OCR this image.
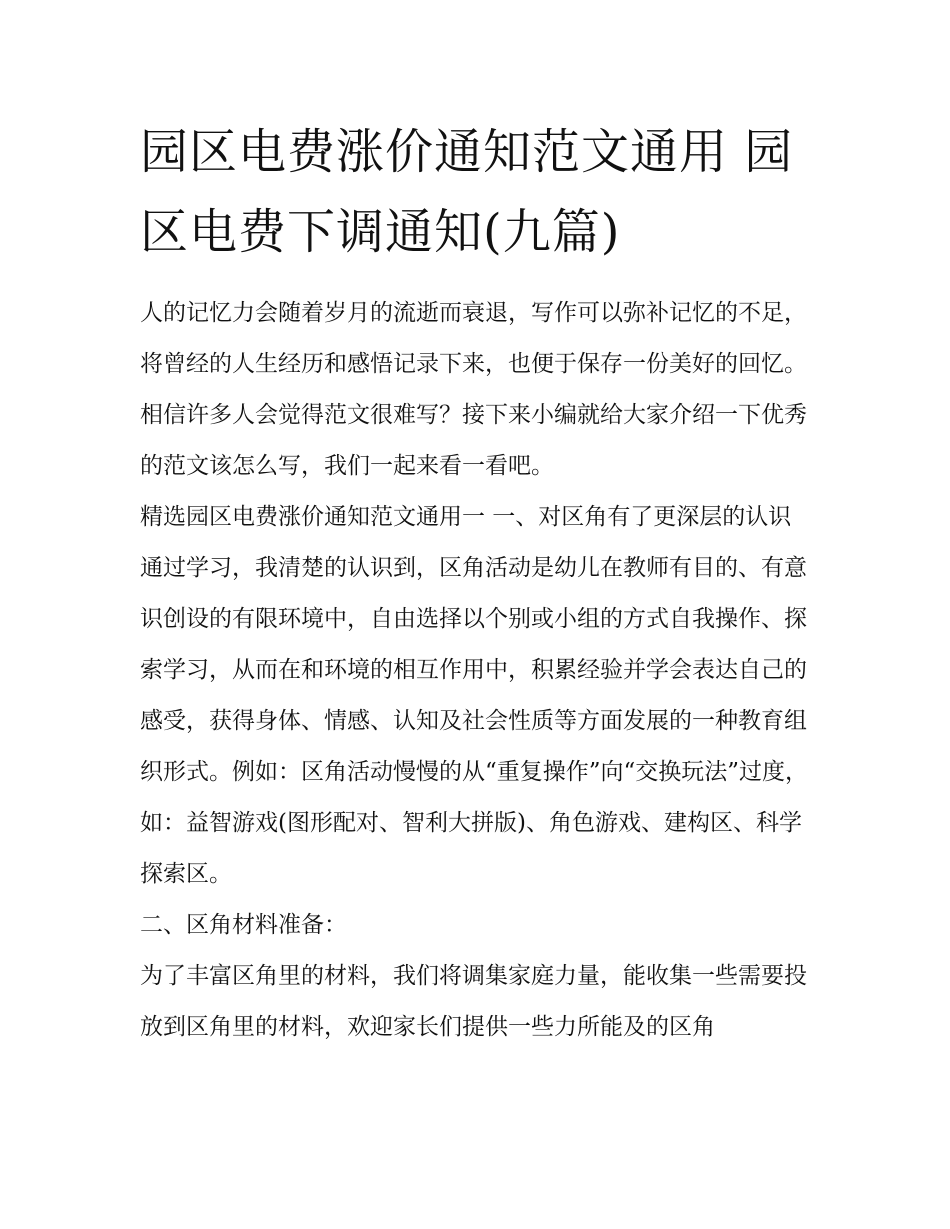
园区电费涨价通知范文通用 园区电费下调通知(九篇)

人的记忆力会随着岁月的流逝而衰退，写作可以弥补记忆的不足，将曾经的人生经历和感悟记录下来，也便于保存一份美好的回忆。相信许多人会觉得范文很难写？接下来小编就给大家介绍一下优秀的范文该怎么写，我们一起来看一看吧。

精选园区电费涨价通知范文通用一 一、对区角有了更深层的认识

通过学习，我清楚的认识到，区角活动是幼儿在教师有目的、有意识创设的有限环境中，自由选择以个别或小组的方式自我操作、探索学习，从而在和环境的相互作用中，积累经验并学会表达自己的感受，获得身体、情感、认知及社会性质等方面发展的一种教育组织形式。例如：区角活动慢慢的从“重复操作”向“交换玩法”过度，如：益智游戏(图形配对、智利大拼版)、角色游戏、建构区、科学探索区。

二、区角材料准备：

为了丰富区角里的材料，我们将调集家庭力量，能收集一些需要投放到区角里的材料，欢迎家长们提供一些力所能及的区角
